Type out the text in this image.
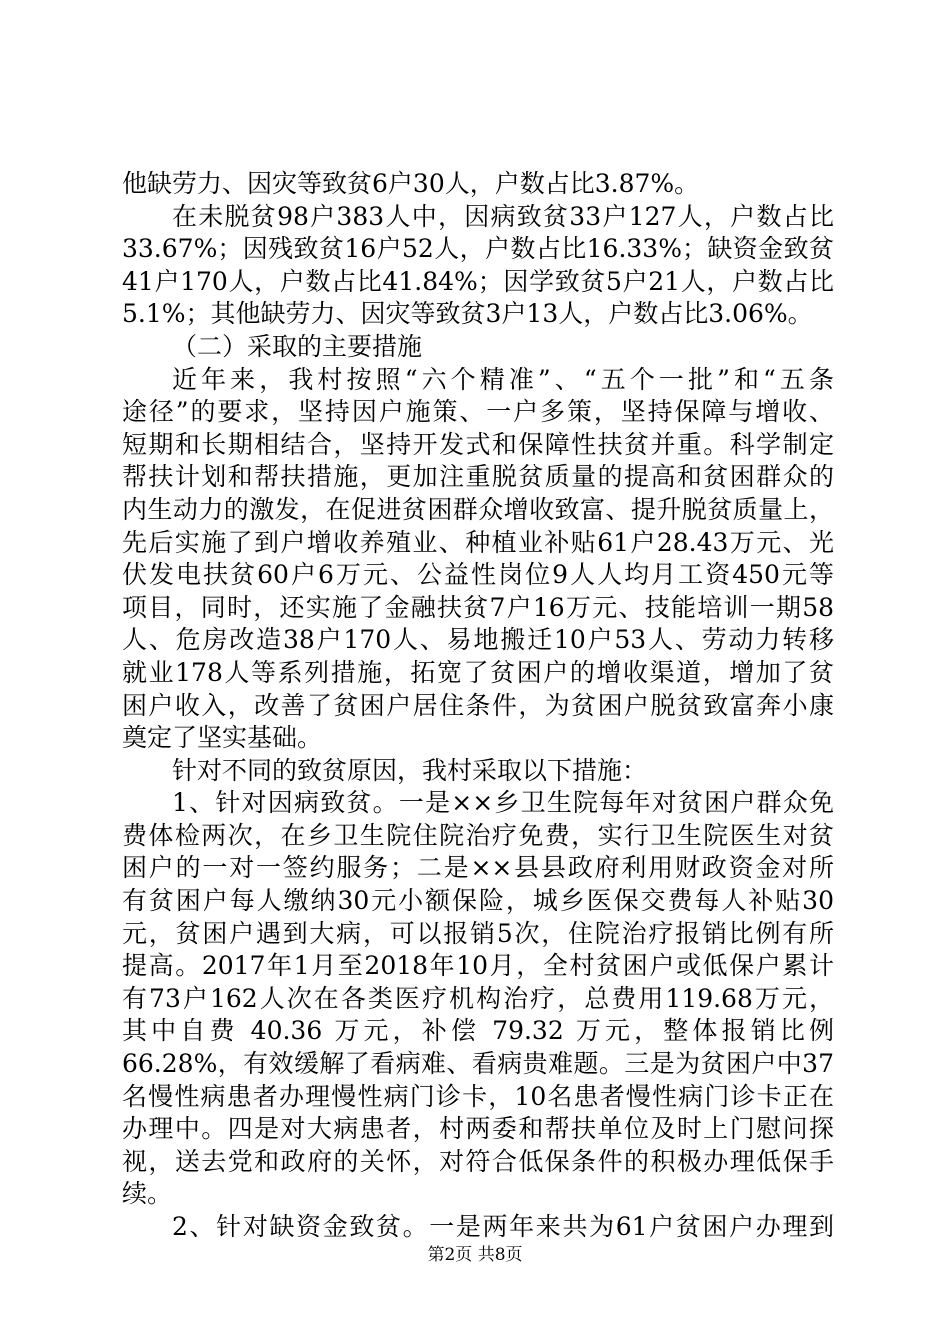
他缺劳力、因灾等致贫6户30人，户数占比3.87%。
在未脱贫98户383人中，因病致贫33户127人，户数占比
33.67%；因残致贫16户52人，户数占比16.33%；缺资金致贫
41户170人，户数占比41.84%；因学致贫5户21人，户数占比
5.1%；其他缺劳力、因灾等致贫3户13人，户数占比3.06%。
（二）采取的主要措施
近年来，我村按照“六个精准”、“五个一批”和“五条
途径”的要求，坚持因户施策、一户多策，坚持保障与增收、
短期和长期相结合，坚持开发式和保障性扶贫并重。科学制定
帮扶计划和帮扶措施，更加注重脱贫质量的提高和贫困群众的
内生动力的激发，在促进贫困群众增收致富、提升脱贫质量上，
先后实施了到户增收养殖业、种植业补贴61户28.43万元、光
伏发电扶贫60户6万元、公益性岗位9人人均月工资450元等
项目，同时，还实施了金融扶贫7户16万元、技能培训一期58
人、危房改造38户170人、易地搬迁10户53人、劳动力转移
就业178人等系列措施，拓宽了贫困户的增收渠道，增加了贫
困户收入，改善了贫困户居住条件，为贫困户脱贫致富奔小康
奠定了坚实基础。
针对不同的致贫原因，我村采取以下措施：
1、针对因病致贫。一是××乡卫生院每年对贫困户群众免
费体检两次，在乡卫生院住院治疗免费，实行卫生院医生对贫
困户的一对一签约服务；二是××县县政府利用财政资金对所
有贫困户每人缴纳30元小额保险，城乡医保交费每人补贴30
元，贫困户遇到大病，可以报销5次，住院治疗报销比例有所
提高。2017年1月至2018年10月，全村贫困户或低保户累计
有73户162人次在各类医疗机构治疗，总费用119.68万元，
其中自费 40.36 万元，补偿 79.32 万元，整体报销比例
66.28%，有效缓解了看病难、看病贵难题。三是为贫困户中37
名慢性病患者办理慢性病门诊卡，10名患者慢性病门诊卡正在
办理中。四是对大病患者，村两委和帮扶单位及时上门慰问探
视，送去党和政府的关怀，对符合低保条件的积极办理低保手
续。
2、针对缺资金致贫。一是两年来共为61户贫困户办理到
第2页 共8页
